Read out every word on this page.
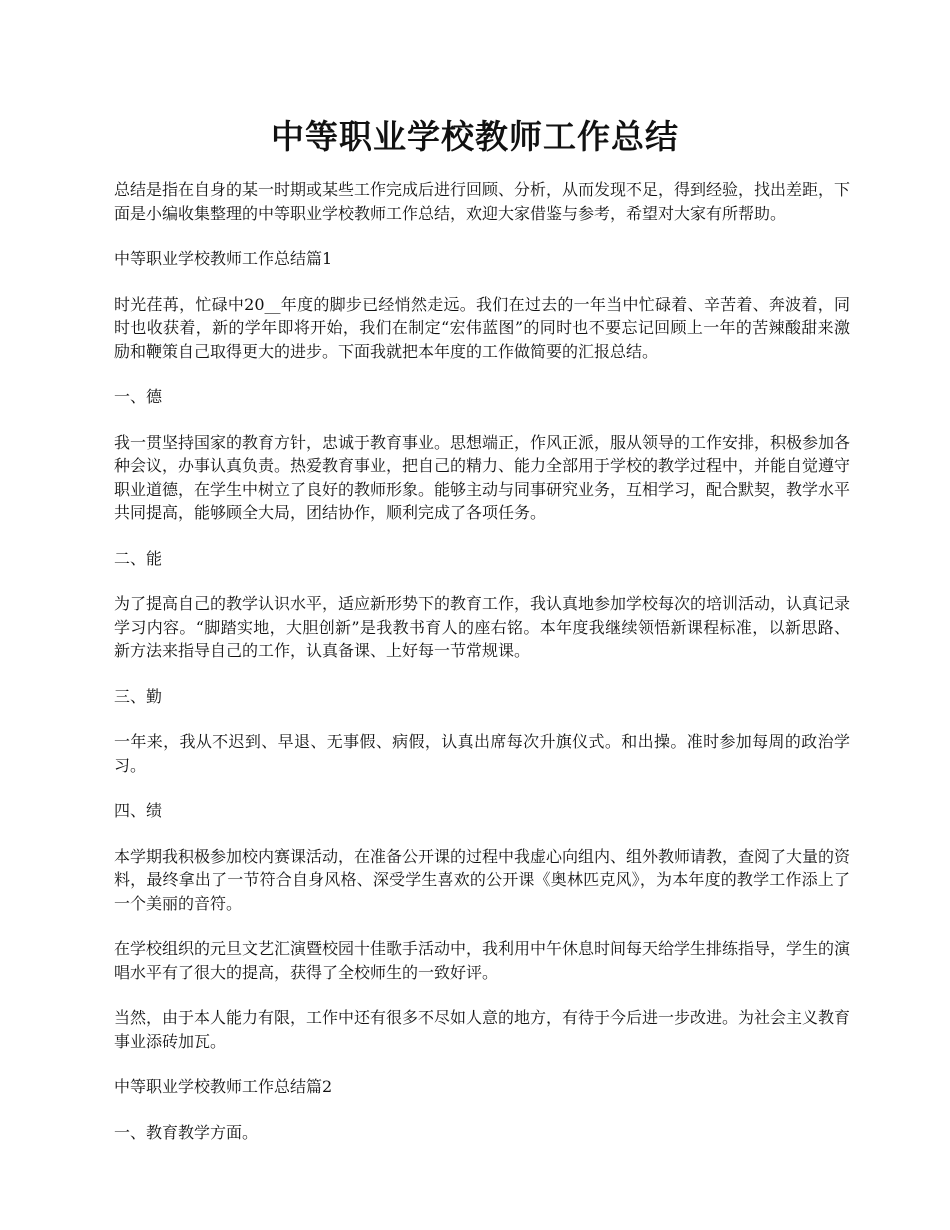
中等职业学校教师工作总结

总结是指在自身的某一时期或某些工作完成后进行回顾、分析，从而发现不足，得到经验，找出差距，下面是小编收集整理的中等职业学校教师工作总结，欢迎大家借鉴与参考，希望对大家有所帮助。

中等职业学校教师工作总结篇1

时光荏苒，忙碌中20__年度的脚步已经悄然走远。我们在过去的一年当中忙碌着、辛苦着、奔波着，同时也收获着，新的学年即将开始，我们在制定“宏伟蓝图”的同时也不要忘记回顾上一年的苦辣酸甜来激励和鞭策自己取得更大的进步。下面我就把本年度的工作做简要的汇报总结。

一、德

我一贯坚持国家的教育方针，忠诚于教育事业。思想端正，作风正派，服从领导的工作安排，积极参加各种会议，办事认真负责。热爱教育事业，把自己的精力、能力全部用于学校的教学过程中，并能自觉遵守职业道德，在学生中树立了良好的教师形象。能够主动与同事研究业务，互相学习，配合默契，教学水平共同提高，能够顾全大局，团结协作，顺利完成了各项任务。

二、能

为了提高自己的教学认识水平，适应新形势下的教育工作，我认真地参加学校每次的培训活动，认真记录学习内容。“脚踏实地，大胆创新”是我教书育人的座右铭。本年度我继续领悟新课程标准，以新思路、新方法来指导自己的工作，认真备课、上好每一节常规课。

三、勤

一年来，我从不迟到、早退、无事假、病假，认真出席每次升旗仪式。和出操。准时参加每周的政治学习。

四、绩

本学期我积极参加校内赛课活动，在准备公开课的过程中我虚心向组内、组外教师请教，查阅了大量的资料，最终拿出了一节符合自身风格、深受学生喜欢的公开课《奥林匹克风》，为本年度的教学工作添上了一个美丽的音符。

在学校组织的元旦文艺汇演暨校园十佳歌手活动中，我利用中午休息时间每天给学生排练指导，学生的演唱水平有了很大的提高，获得了全校师生的一致好评。

当然，由于本人能力有限，工作中还有很多不尽如人意的地方，有待于今后进一步改进。为社会主义教育事业添砖加瓦。

中等职业学校教师工作总结篇2

一、教育教学方面。
